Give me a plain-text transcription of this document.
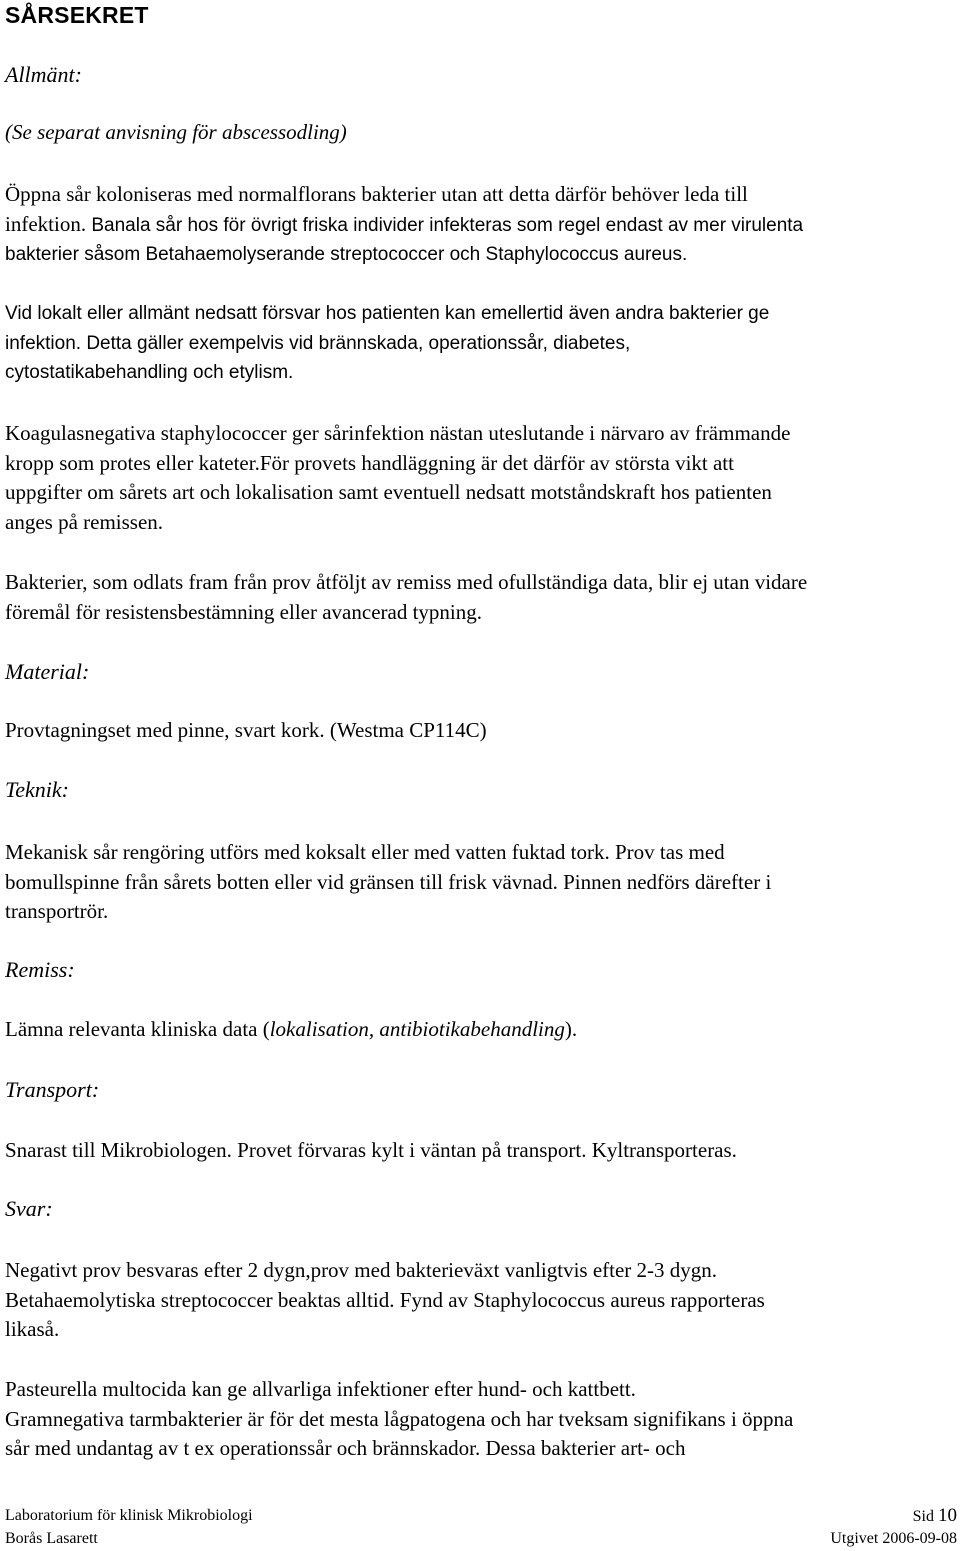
SÅRSEKRET
Allmänt:
(Se separat anvisning för abscessodling)
Öppna sår koloniseras med normalflorans bakterier utan att detta därför behöver leda till
infektion. Banala sår hos för övrigt friska individer infekteras som regel endast av mer virulenta
bakterier såsom Betahaemolyserande streptococcer och Staphylococcus aureus.
Vid lokalt eller allmänt nedsatt försvar hos patienten kan emellertid även andra bakterier ge
infektion. Detta gäller exempelvis vid brännskada, operationssår, diabetes,
cytostatikabehandling och etylism.
Koagulasnegativa staphylococcer ger sårinfektion nästan uteslutande i närvaro av främmande
kropp som protes eller kateter.För provets handläggning är det därför av största vikt att
uppgifter om sårets art och lokalisation samt eventuell nedsatt motståndskraft hos patienten
anges på remissen.
Bakterier, som odlats fram från prov åtföljt av remiss med ofullständiga data, blir ej utan vidare
föremål för resistensbestämning eller avancerad typning.
Material:
Provtagningset med pinne, svart kork. (Westma CP114C)
Teknik:
Mekanisk sår rengöring utförs med koksalt eller med vatten fuktad tork. Prov tas med
bomullspinne från sårets botten eller vid gränsen till frisk vävnad. Pinnen nedförs därefter i
transportrör.
Remiss:
Lämna relevanta kliniska data (lokalisation, antibiotikabehandling).
Transport:
Snarast till Mikrobiologen. Provet förvaras kylt i väntan på transport. Kyltransporteras.
Svar:
Negativt prov besvaras efter 2 dygn,prov med bakterieväxt vanligtvis efter 2-3 dygn.
Betahaemolytiska streptococcer beaktas alltid. Fynd av Staphylococcus aureus rapporteras
likaså.
Pasteurella multocida kan ge allvarliga infektioner efter hund- och kattbett.
Gramnegativa tarmbakterier är för det mesta lågpatogena och har tveksam signifikans i öppna
sår med undantag av t ex operationssår och brännskador. Dessa bakterier art- och
Laboratorium för klinisk Mikrobiologi	Sid 10
Borås Lasarett	Utgivet 2006-09-08
